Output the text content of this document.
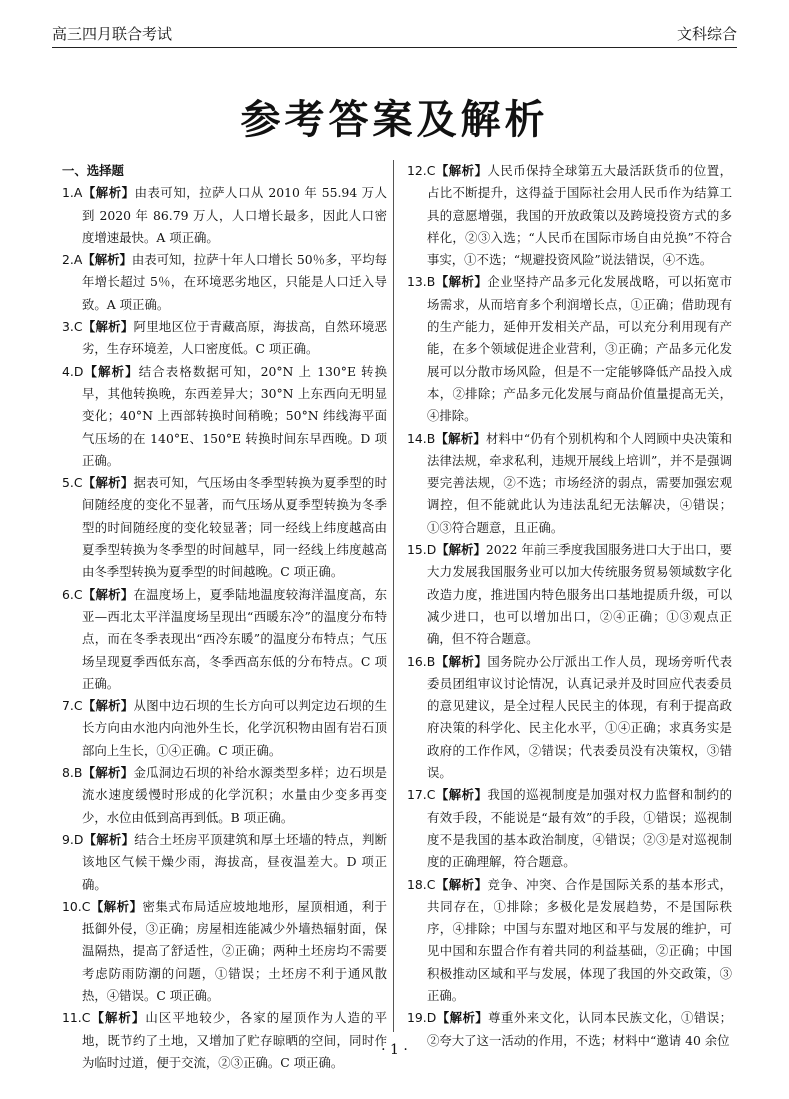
高三四月联合考试	文科综合
参考答案及解析

一、选择题

1.A【解析】由表可知，拉萨人口从 2010 年 55.94 万人到 2020 年 86.79 万人，人口增长最多，因此人口密度增速最快。A 项正确。

2.A【解析】由表可知，拉萨十年人口增长 50％多，平均每年增长超过 5％，在环境恶劣地区，只能是人口迁入导致。A 项正确。

3.C【解析】阿里地区位于青藏高原，海拔高，自然环境恶劣，生存环境差，人口密度低。C 项正确。

4.D【解析】结合表格数据可知，20°N 上 130°E 转换早，其他转换晚，东西差异大；30°N 上东西向无明显变化；40°N 上西部转换时间稍晚；50°N 纬线海平面气压场的在 140°E、150°E 转换时间东早西晚。D 项正确。

5.C【解析】据表可知，气压场由冬季型转换为夏季型的时间随经度的变化不显著，而气压场从夏季型转换为冬季型的时间随经度的变化较显著；同一经线上纬度越高由夏季型转换为冬季型的时间越早，同一经线上纬度越高由冬季型转换为夏季型的时间越晚。C 项正确。

6.C【解析】在温度场上，夏季陆地温度较海洋温度高，东亚—西北太平洋温度场呈现出“西暖东冷”的温度分布特点，而在冬季表现出“西冷东暖”的温度分布特点；气压场呈现夏季西低东高，冬季西高东低的分布特点。C 项正确。

7.C【解析】从图中边石坝的生长方向可以判定边石坝的生长方向由水池内向池外生长，化学沉积物由固有岩石顶部向上生长，①④正确。C 项正确。

8.B【解析】金瓜洞边石坝的补给水源类型多样；边石坝是流水速度缓慢时形成的化学沉积；水量由少变多再变少，水位由低到高再到低。B 项正确。

9.D【解析】结合土坯房平顶建筑和厚土坯墙的特点，判断该地区气候干燥少雨，海拔高，昼夜温差大。D 项正确。

10.C【解析】密集式布局适应坡地地形，屋顶相通，利于抵御外侵，③正确；房屋相连能减少外墙热辐射面，保温隔热，提高了舒适性，②正确；两种土坯房均不需要考虑防雨防潮的问题，①错误；土坯房不利于通风散热，④错误。C 项正确。

11.C【解析】山区平地较少，各家的屋顶作为人造的平地，既节约了土地，又增加了贮存晾晒的空间，同时作为临时过道，便于交流，②③正确。C 项正确。

12.C【解析】人民币保持全球第五大最活跃货币的位置，占比不断提升，这得益于国际社会用人民币作为结算工具的意愿增强，我国的开放政策以及跨境投资方式的多样化，②③入选；“人民币在国际市场自由兑换”不符合事实，①不选；“规避投资风险”说法错误，④不选。

13.B【解析】企业坚持产品多元化发展战略，可以拓宽市场需求，从而培育多个利润增长点，①正确；借助现有的生产能力，延伸开发相关产品，可以充分利用现有产能，在多个领域促进企业营利，③正确；产品多元化发展可以分散市场风险，但是不一定能够降低产品投入成本，②排除；产品多元化发展与商品价值量提高无关，④排除。

14.B【解析】材料中“仍有个别机构和个人罔顾中央决策和法律法规，牵求私利，违规开展线上培训”，并不是强调要完善法规，②不选；市场经济的弱点，需要加强宏观调控，但不能就此认为违法乱纪无法解决，④错误；①③符合题意，且正确。

15.D【解析】2022 年前三季度我国服务进口大于出口，要大力发展我国服务业可以加大传统服务贸易领域数字化改造力度，推进国内特色服务出口基地提质升级，可以减少进口，也可以增加出口，②④正确；①③观点正确，但不符合题意。

16.B【解析】国务院办公厅派出工作人员，现场旁听代表委员团组审议讨论情况，认真记录并及时回应代表委员的意见建议，是全过程人民民主的体现，有利于提高政府决策的科学化、民主化水平，①④正确；求真务实是政府的工作作风，②错误；代表委员没有决策权，③错误。

17.C【解析】我国的巡视制度是加强对权力监督和制约的有效手段，不能说是“最有效”的手段，①错误；巡视制度不是我国的基本政治制度，④错误；②③是对巡视制度的正确理解，符合题意。

18.C【解析】竞争、冲突、合作是国际关系的基本形式，共同存在，①排除；多极化是发展趋势，不是国际秩序，④排除；中国与东盟对地区和平与发展的维护，可见中国和东盟合作有着共同的利益基础，②正确；中国积极推动区域和平与发展，体现了我国的外交政策，③正确。

19.D【解析】尊重外来文化，认同本民族文化，①错误；②夸大了这一活动的作用，不选；材料中“邀请 40 余位

· 1 ·
